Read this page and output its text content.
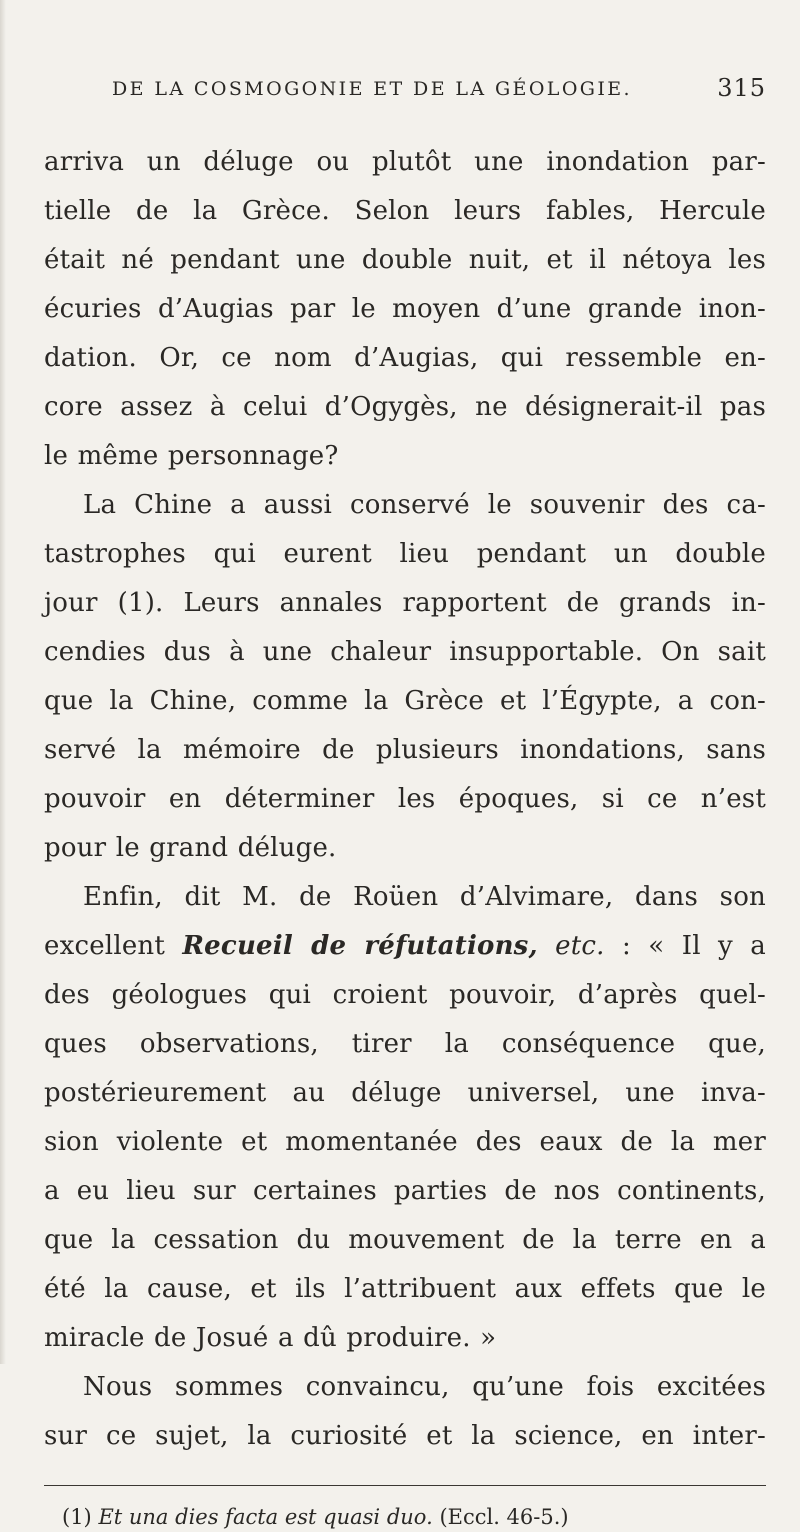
DE LA COSMOGONIE ET DE LA GÉOLOGIE.	315
arriva un déluge ou plutôt une inondation par-
tielle de la Grèce. Selon leurs fables, Hercule
était né pendant une double nuit, et il nétoya les
écuries d’Augias par le moyen d’une grande inon-
dation. Or, ce nom d’Augias, qui ressemble en-
core assez à celui d’Ogygès, ne désignerait-il pas
le même personnage?
La Chine a aussi conservé le souvenir des ca-
tastrophes qui eurent lieu pendant un double
jour (1). Leurs annales rapportent de grands in-
cendies dus à une chaleur insupportable. On sait
que la Chine, comme la Grèce et l’Égypte, a con-
servé la mémoire de plusieurs inondations, sans
pouvoir en déterminer les époques, si ce n’est
pour le grand déluge.
Enfin, dit M. de Roüen d’Alvimare, dans son
excellent Recueil de réfutations, etc. : « Il y a
des géologues qui croient pouvoir, d’après quel-
ques observations, tirer la conséquence que,
postérieurement au déluge universel, une inva-
sion violente et momentanée des eaux de la mer
a eu lieu sur certaines parties de nos continents,
que la cessation du mouvement de la terre en a
été la cause, et ils l’attribuent aux effets que le
miracle de Josué a dû produire. »
Nous sommes convaincu, qu’une fois excitées
sur ce sujet, la curiosité et la science, en inter-
(1) Et una dies facta est quasi duo. (Eccl. 46-5.)
